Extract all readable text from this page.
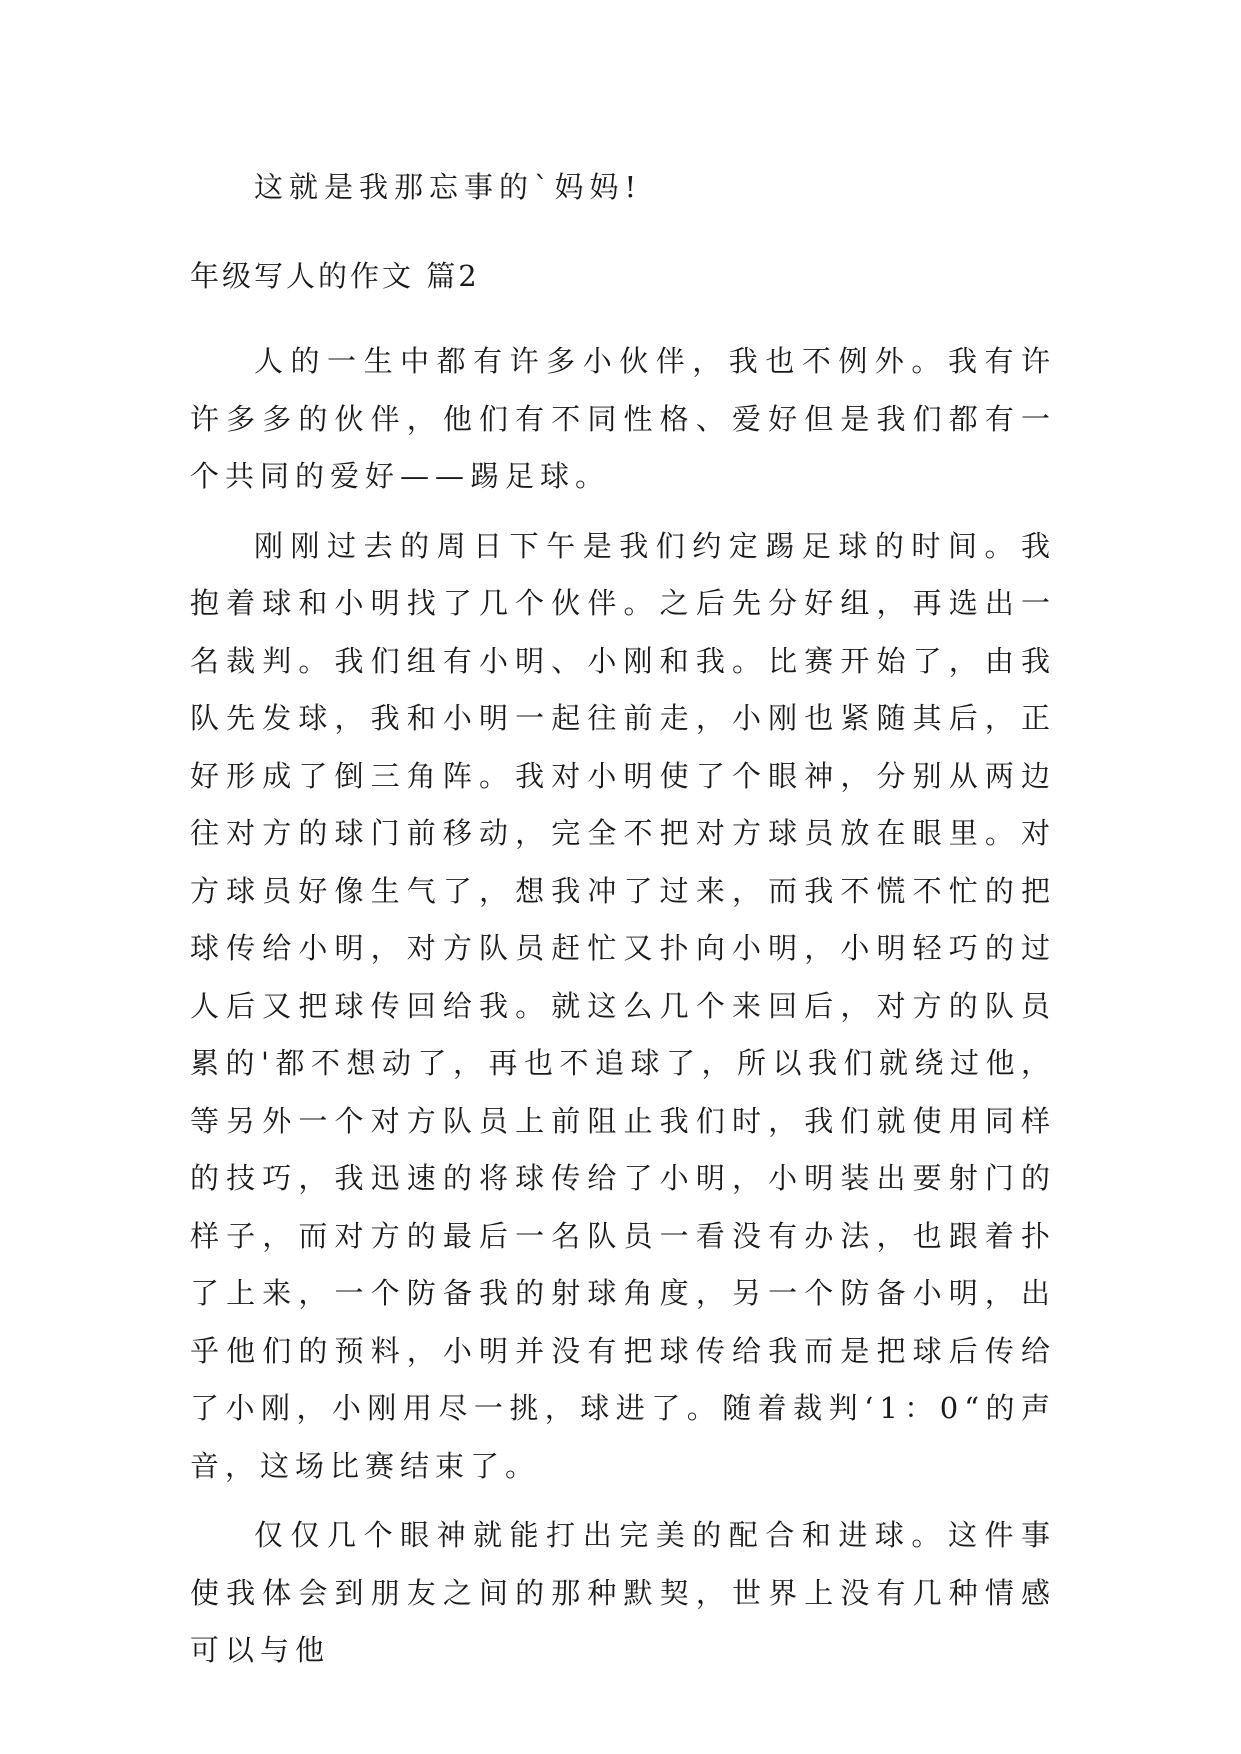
这就是我那忘事的`妈妈!
年级写人的作文 篇2

人的一生中都有许多小伙伴，我也不例外。我有许许多多的伙伴，他们有不同性格、爱好但是我们都有一个共同的爱好——踢足球。

刚刚过去的周日下午是我们约定踢足球的时间。我抱着球和小明找了几个伙伴。之后先分好组，再选出一名裁判。我们组有小明、小刚和我。比赛开始了，由我队先发球，我和小明一起往前走，小刚也紧随其后，正好形成了倒三角阵。我对小明使了个眼神，分别从两边往对方的球门前移动，完全不把对方球员放在眼里。对方球员好像生气了，想我冲了过来，而我不慌不忙的把球传给小明，对方队员赶忙又扑向小明，小明轻巧的过人后又把球传回给我。就这么几个来回后，对方的队员累的'都不想动了，再也不追球了，所以我们就绕过他，等另外一个对方队员上前阻止我们时，我们就使用同样的技巧，我迅速的将球传给了小明，小明装出要射门的样子，而对方的最后一名队员一看没有办法，也跟着扑了上来，一个防备我的射球角度，另一个防备小明，出乎他们的预料，小明并没有把球传给我而是把球后传给了小刚，小刚用尽一挑，球进了。随着裁判‘1：0“的声音，这场比赛结束了。

仅仅几个眼神就能打出完美的配合和进球。这件事使我体会到朋友之间的那种默契，世界上没有几种情感可以与他
